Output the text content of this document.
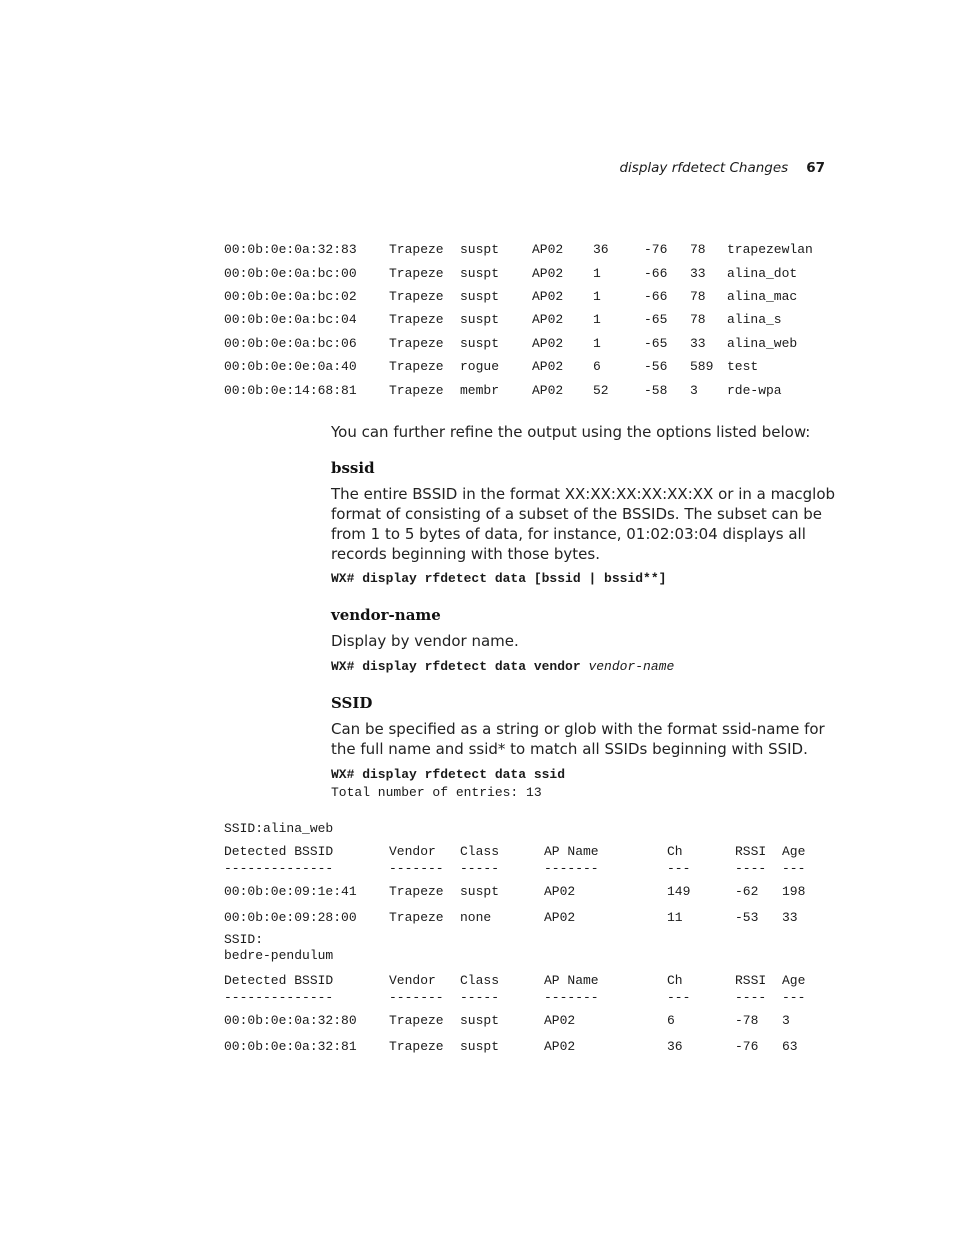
display rfdetect Changes 67
00:0b:0e:0a:32:83	Trapeze	suspt	AP02	36	-76	78	trapezewlan
00:0b:0e:0a:bc:00	Trapeze	suspt	AP02	1	-66	33	alina_dot
00:0b:0e:0a:bc:02	Trapeze	suspt	AP02	1	-66	78	alina_mac
00:0b:0e:0a:bc:04	Trapeze	suspt	AP02	1	-65	78	alina_s
00:0b:0e:0a:bc:06	Trapeze	suspt	AP02	1	-65	33	alina_web
00:0b:0e:0e:0a:40	Trapeze	rogue	AP02	6	-56	589	test
00:0b:0e:14:68:81	Trapeze	membr	AP02	52	-58	3	rde-wpa

You can further refine the output using the options listed below:

bssid

The entire BSSID in the format XX:XX:XX:XX:XX:XX or in a macglob format of consisting of a subset of the BSSIDs. The subset can be from 1 to 5 bytes of data, for instance, 01:02:03:04 displays all records beginning with those bytes.

WX# display rfdetect data [bssid | bssid**]

vendor-name

Display by vendor name.

WX# display rfdetect data vendor vendor-name

SSID

Can be specified as a string or glob with the format ssid-name for the full name and ssid* to match all SSIDs beginning with SSID.

WX# display rfdetect data ssid

Total number of entries: 13

SSID:alina_web
Detected BSSID	Vendor	Class	AP Name	Ch	RSSI	Age
--------------	-------	-----	-------	---	----	---
00:0b:0e:09:1e:41	Trapeze	suspt	AP02	149	-62	198
00:0b:0e:09:28:00	Trapeze	none	AP02	11	-53	33
SSID:
bedre-pendulum
Detected BSSID	Vendor	Class	AP Name	Ch	RSSI	Age
--------------	-------	-----	-------	---	----	---
00:0b:0e:0a:32:80	Trapeze	suspt	AP02	6	-78	3
00:0b:0e:0a:32:81	Trapeze	suspt	AP02	36	-76	63
